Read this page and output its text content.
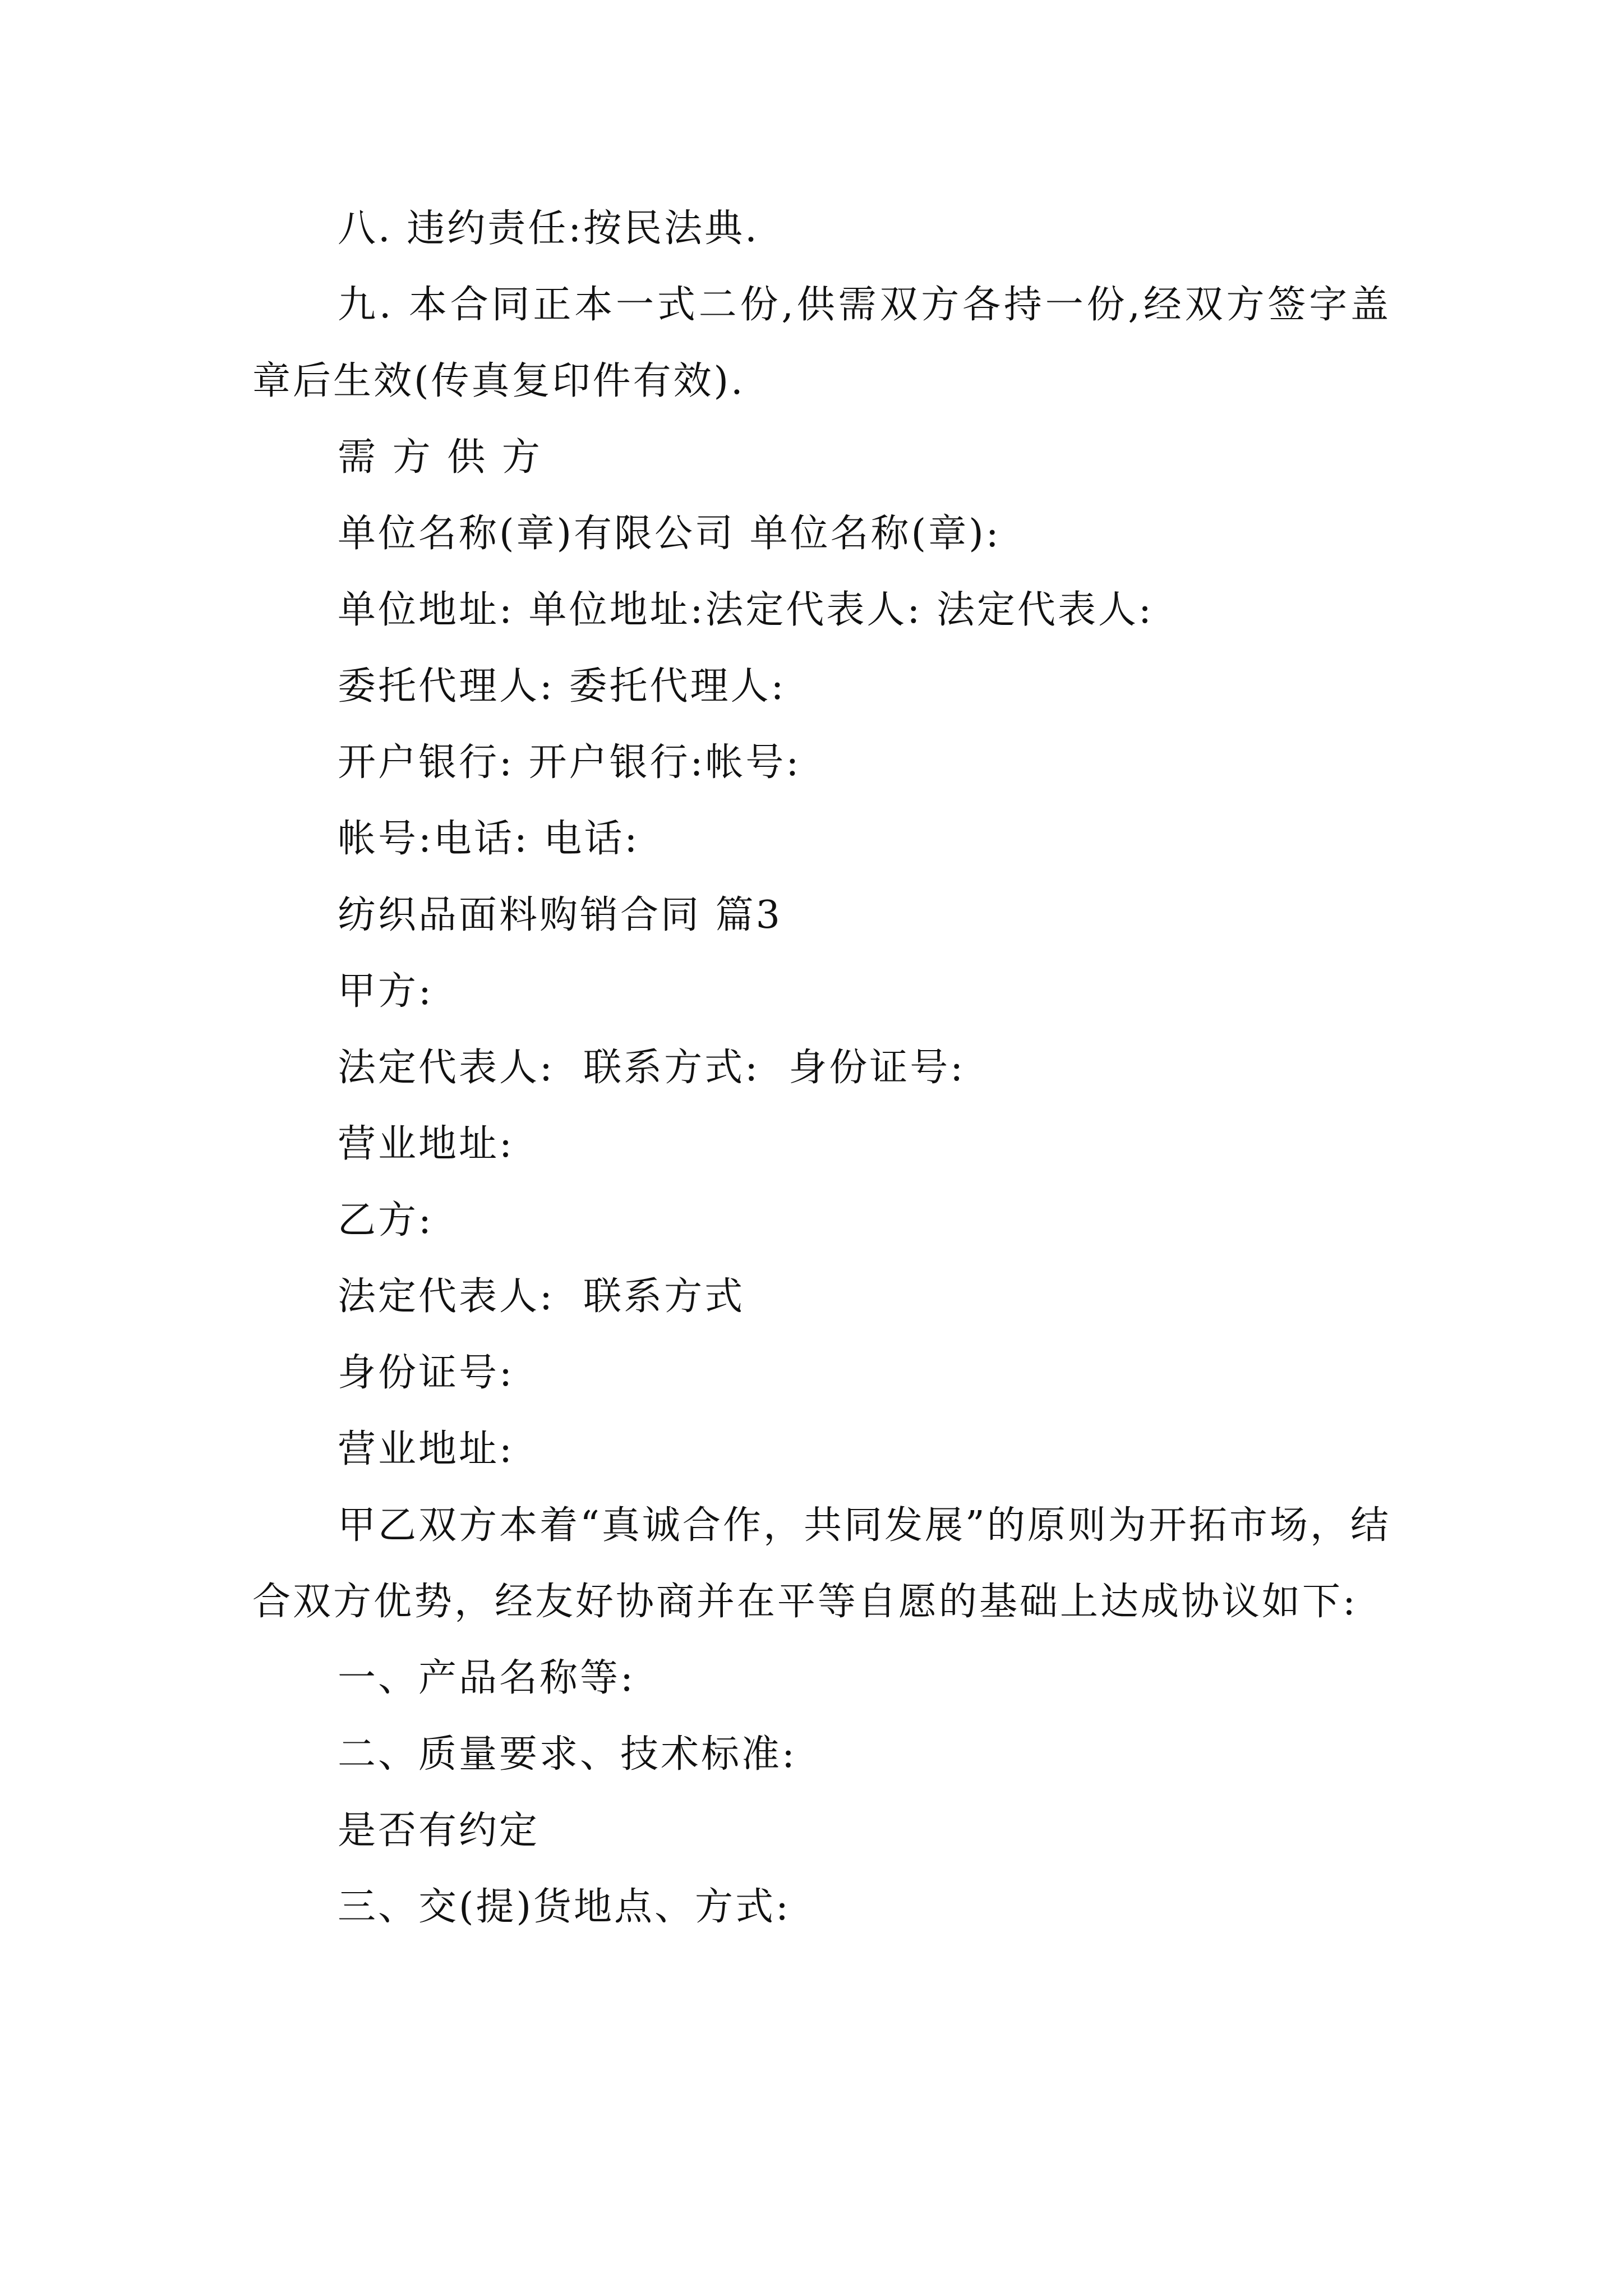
八. 违约责任:按民法典.

九. 本合同正本一式二份,供需双方各持一份,经双方签字盖章后生效(传真复印件有效).

需 方 供 方

单位名称(章)有限公司 单位名称(章):

单位地址: 单位地址:法定代表人: 法定代表人:

委托代理人: 委托代理人:

开户银行: 开户银行:帐号:

帐号:电话: 电话:

纺织品面料购销合同 篇3

甲方:

法定代表人:  联系方式:  身份证号:

营业地址:

乙方:

法定代表人:  联系方式

身份证号:

营业地址:

甲乙双方本着“真诚合作，共同发展”的原则为开拓市场，结合双方优势，经友好协商并在平等自愿的基础上达成协议如下:

一、产品名称等:

二、质量要求、技术标准:

是否有约定

三、交(提)货地点、方式:
